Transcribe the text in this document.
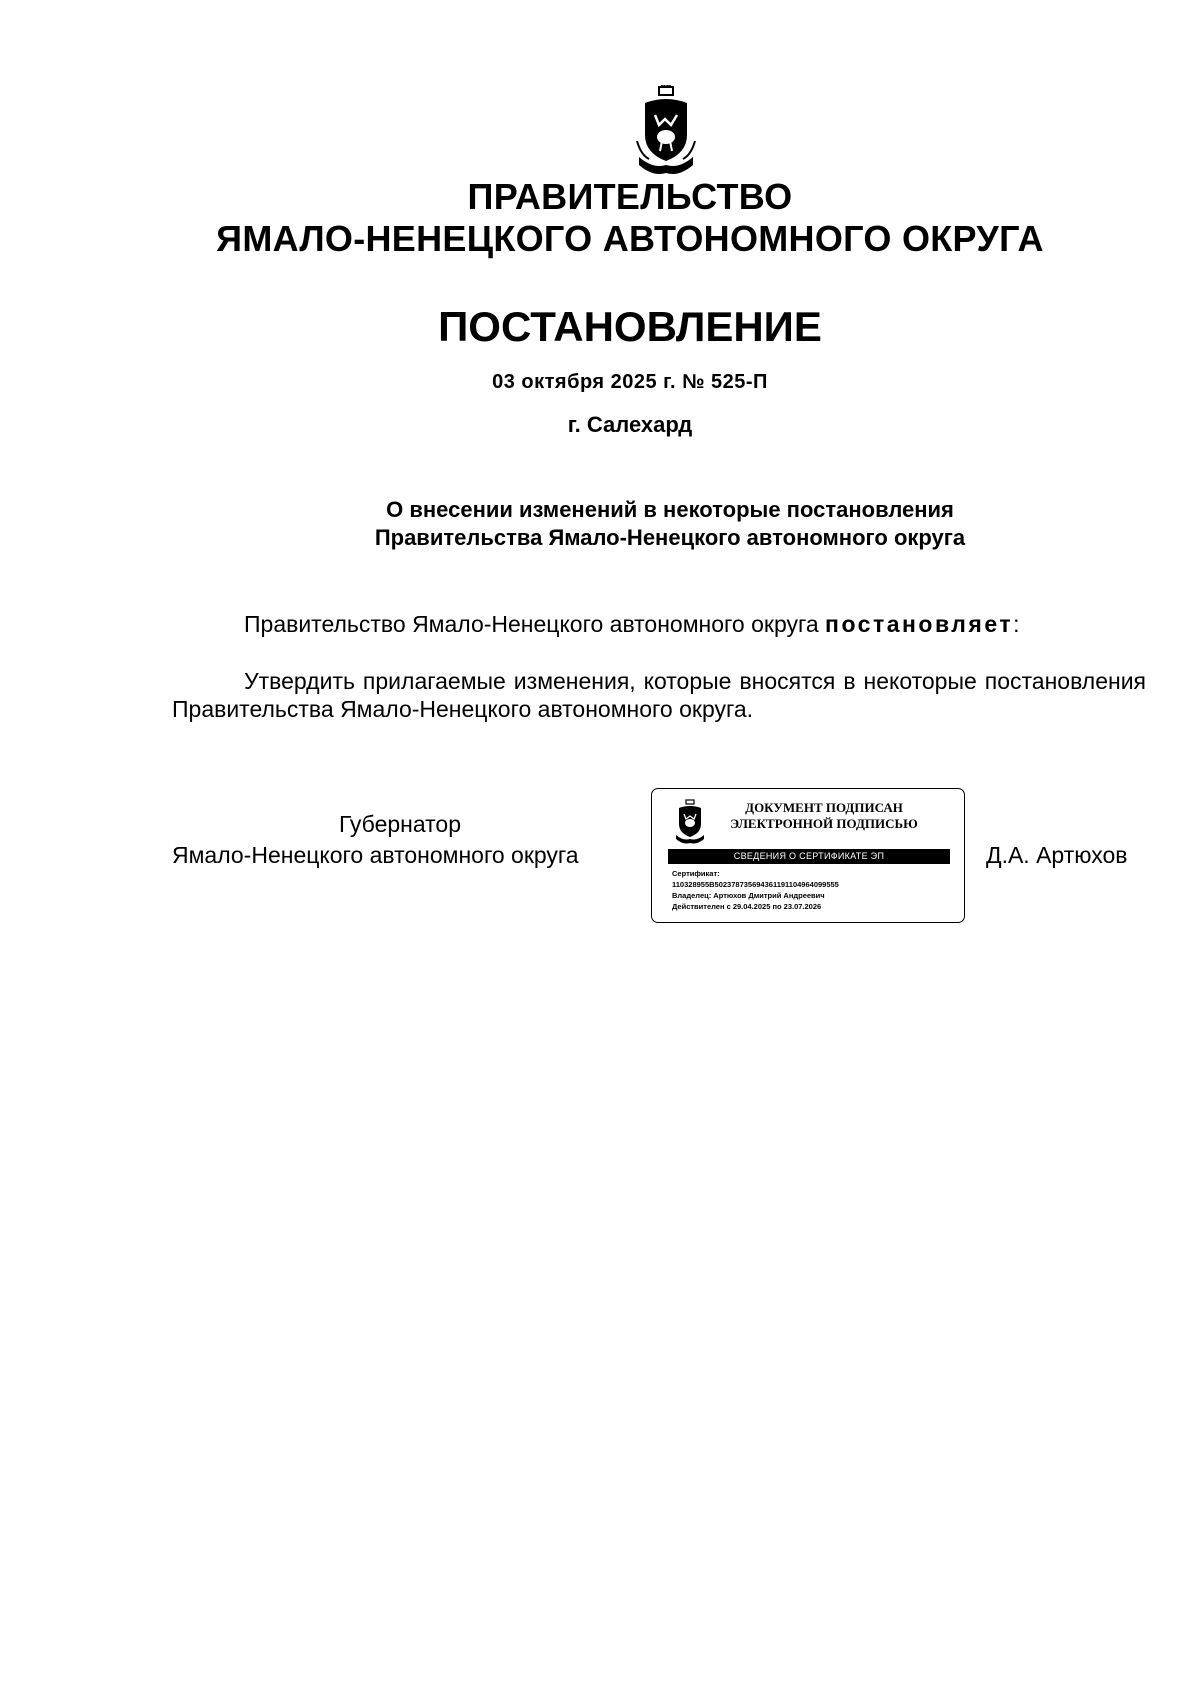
ПРАВИТЕЛЬСТВО
ЯМАЛО-НЕНЕЦКОГО АВТОНОМНОГО ОКРУГА
ПОСТАНОВЛЕНИЕ
03 октября 2025 г. № 525-П
г. Салехард
О внесении изменений в некоторые постановления
Правительства Ямало-Ненецкого автономного округа
Правительство Ямало-Ненецкого автономного округа постановляет:
Утвердить прилагаемые изменения, которые вносятся в некоторые постановления Правительства Ямало-Ненецкого автономного округа.
Губернатор
Ямало-Ненецкого автономного округа	Д.А. Артюхов
ДОКУМЕНТ ПОДПИСАН
ЭЛЕКТРОННОЙ ПОДПИСЬЮ
СВЕДЕНИЯ О СЕРТИФИКАТЕ ЭП
Сертификат:
110328955B502378735694361191104964099555
Владелец: Артюхов Дмитрий Андреевич
Действителен с 29.04.2025 по 23.07.2026
